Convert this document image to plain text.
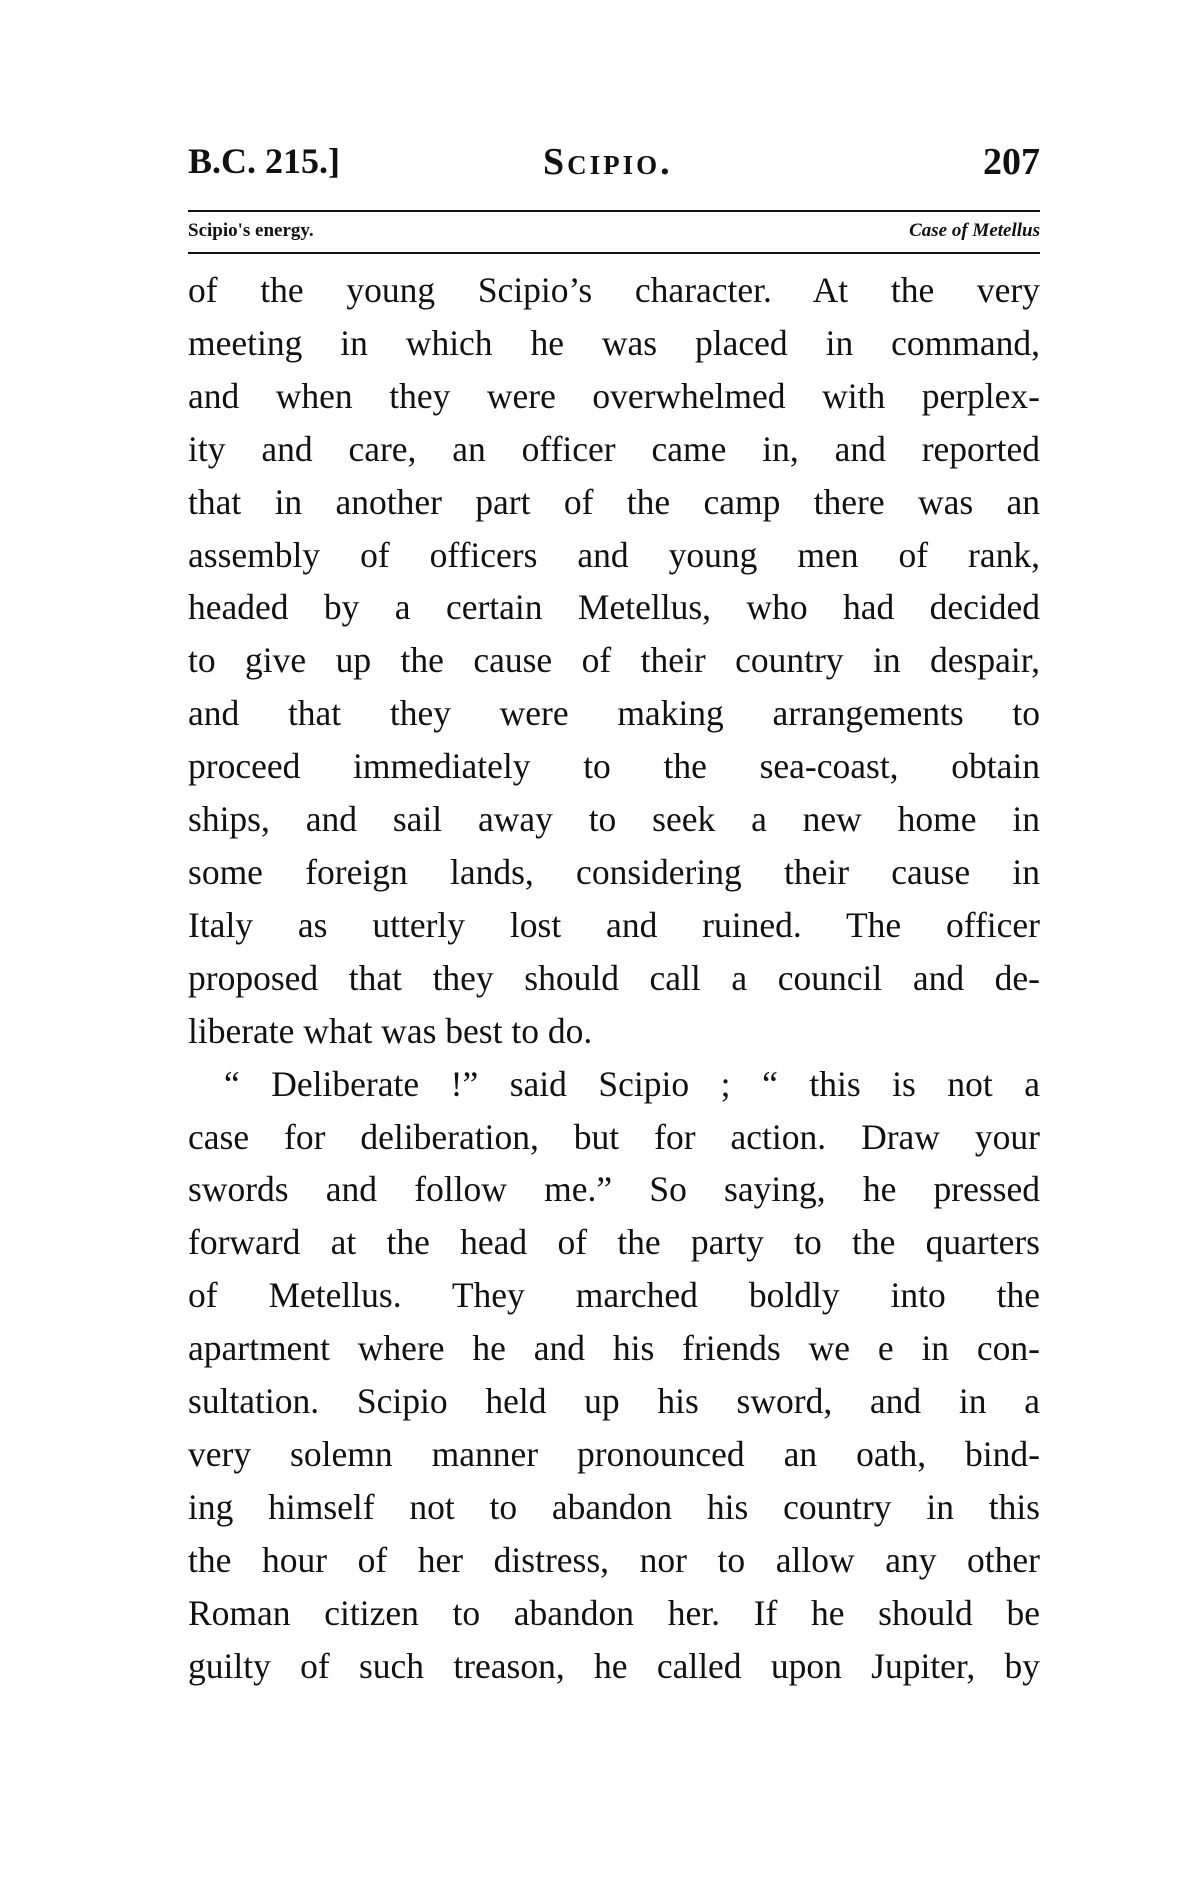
B.C. 215.]	Scipio.	207
Scipio's energy.	Case of Metellus
of the young Scipio’s character. At the very
meeting in which he was placed in command,
and when they were overwhelmed with perplex-
ity and care, an officer came in, and reported
that in another part of the camp there was an
assembly of officers and young men of rank,
headed by a certain Metellus, who had decided
to give up the cause of their country in despair,
and that they were making arrangements to
proceed immediately to the sea-coast, obtain
ships, and sail away to seek a new home in
some foreign lands, considering their cause in
Italy as utterly lost and ruined. The officer
proposed that they should call a council and de-
liberate what was best to do.
“ Deliberate !” said Scipio ; “ this is not a
case for deliberation, but for action. Draw your
swords and follow me.” So saying, he pressed
forward at the head of the party to the quarters
of Metellus. They marched boldly into the
apartment where he and his friends we e in con-
sultation. Scipio held up his sword, and in a
very solemn manner pronounced an oath, bind-
ing himself not to abandon his country in this
the hour of her distress, nor to allow any other
Roman citizen to abandon her. If he should be
guilty of such treason, he called upon Jupiter, by
